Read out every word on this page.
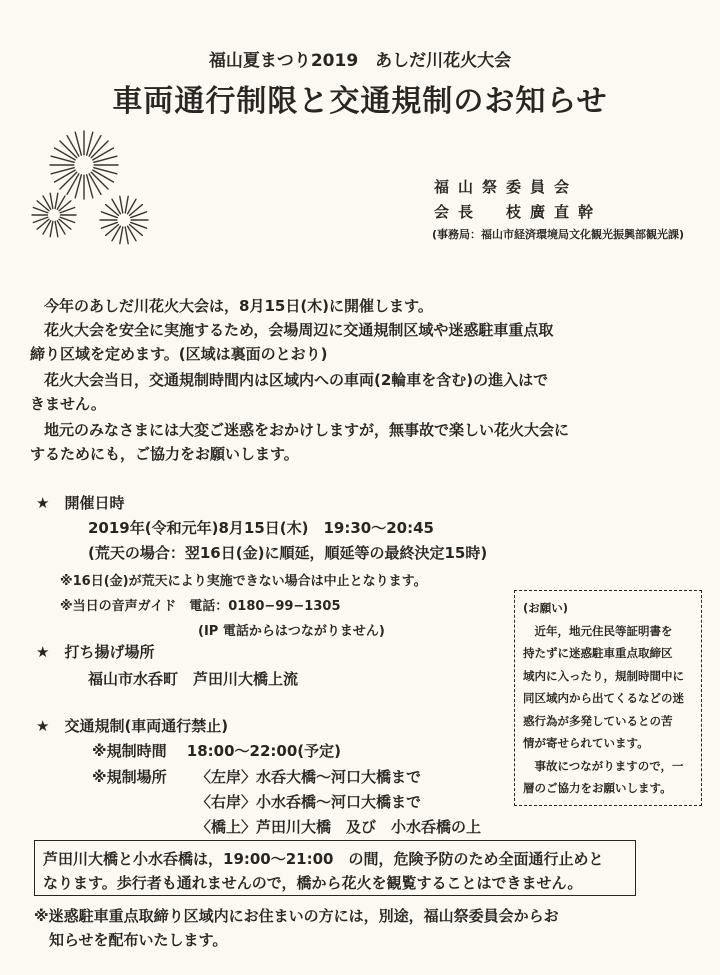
福山夏まつり2019　あしだ川花火大会
車両通行制限と交通規制のお知らせ
福山祭委員会
会長　枝廣直幹
(事務局：福山市経済環境局文化観光振興部観光課)
今年のあしだ川花火大会は，8月15日(木)に開催します。
花火大会を安全に実施するため，会場周辺に交通規制区域や迷惑駐車重点取
締り区域を定めます。(区域は裏面のとおり)
花火大会当日，交通規制時間内は区域内への車両(2輪車を含む)の進入はで
きません。
地元のみなさまには大変ご迷惑をおかけしますが，無事故で楽しい花火大会に
するためにも，ご協力をお願いします。
★　開催日時
2019年(令和元年)8月15日(木)　19:30〜20:45
(荒天の場合：翌16日(金)に順延，順延等の最終決定15時)
※16日(金)が荒天により実施できない場合は中止となります。
※当日の音声ガイド　電話：0180−99−1305
(IP 電話からはつながりません)
★　打ち揚げ場所
福山市水呑町　芦田川大橋上流
★　交通規制(車両通行禁止)
※規制時間　 18:00〜22:00(予定)
※規制場所 〈左岸〉水呑大橋〜河口大橋まで
〈右岸〉小水呑橋〜河口大橋まで
〈橋上〉芦田川大橋　及び　小水呑橋の上

(お願い)

　近年，地元住民等証明書を

持たずに迷惑駐車重点取締区

域内に入ったり，規制時間中に

同区域内から出てくるなどの迷

惑行為が多発しているとの苦

情が寄せられています。

　事故につながりますので，一

層のご協力をお願いします。

芦田川大橋と小水呑橋は，19:00〜21:00　の間，危険予防のため全面通行止めと
なります。歩行者も通れませんので，橋から花火を観覧することはできません。
※迷惑駐車重点取締り区域内にお住まいの方には，別途，福山祭委員会からお
　知らせを配布いたします。
